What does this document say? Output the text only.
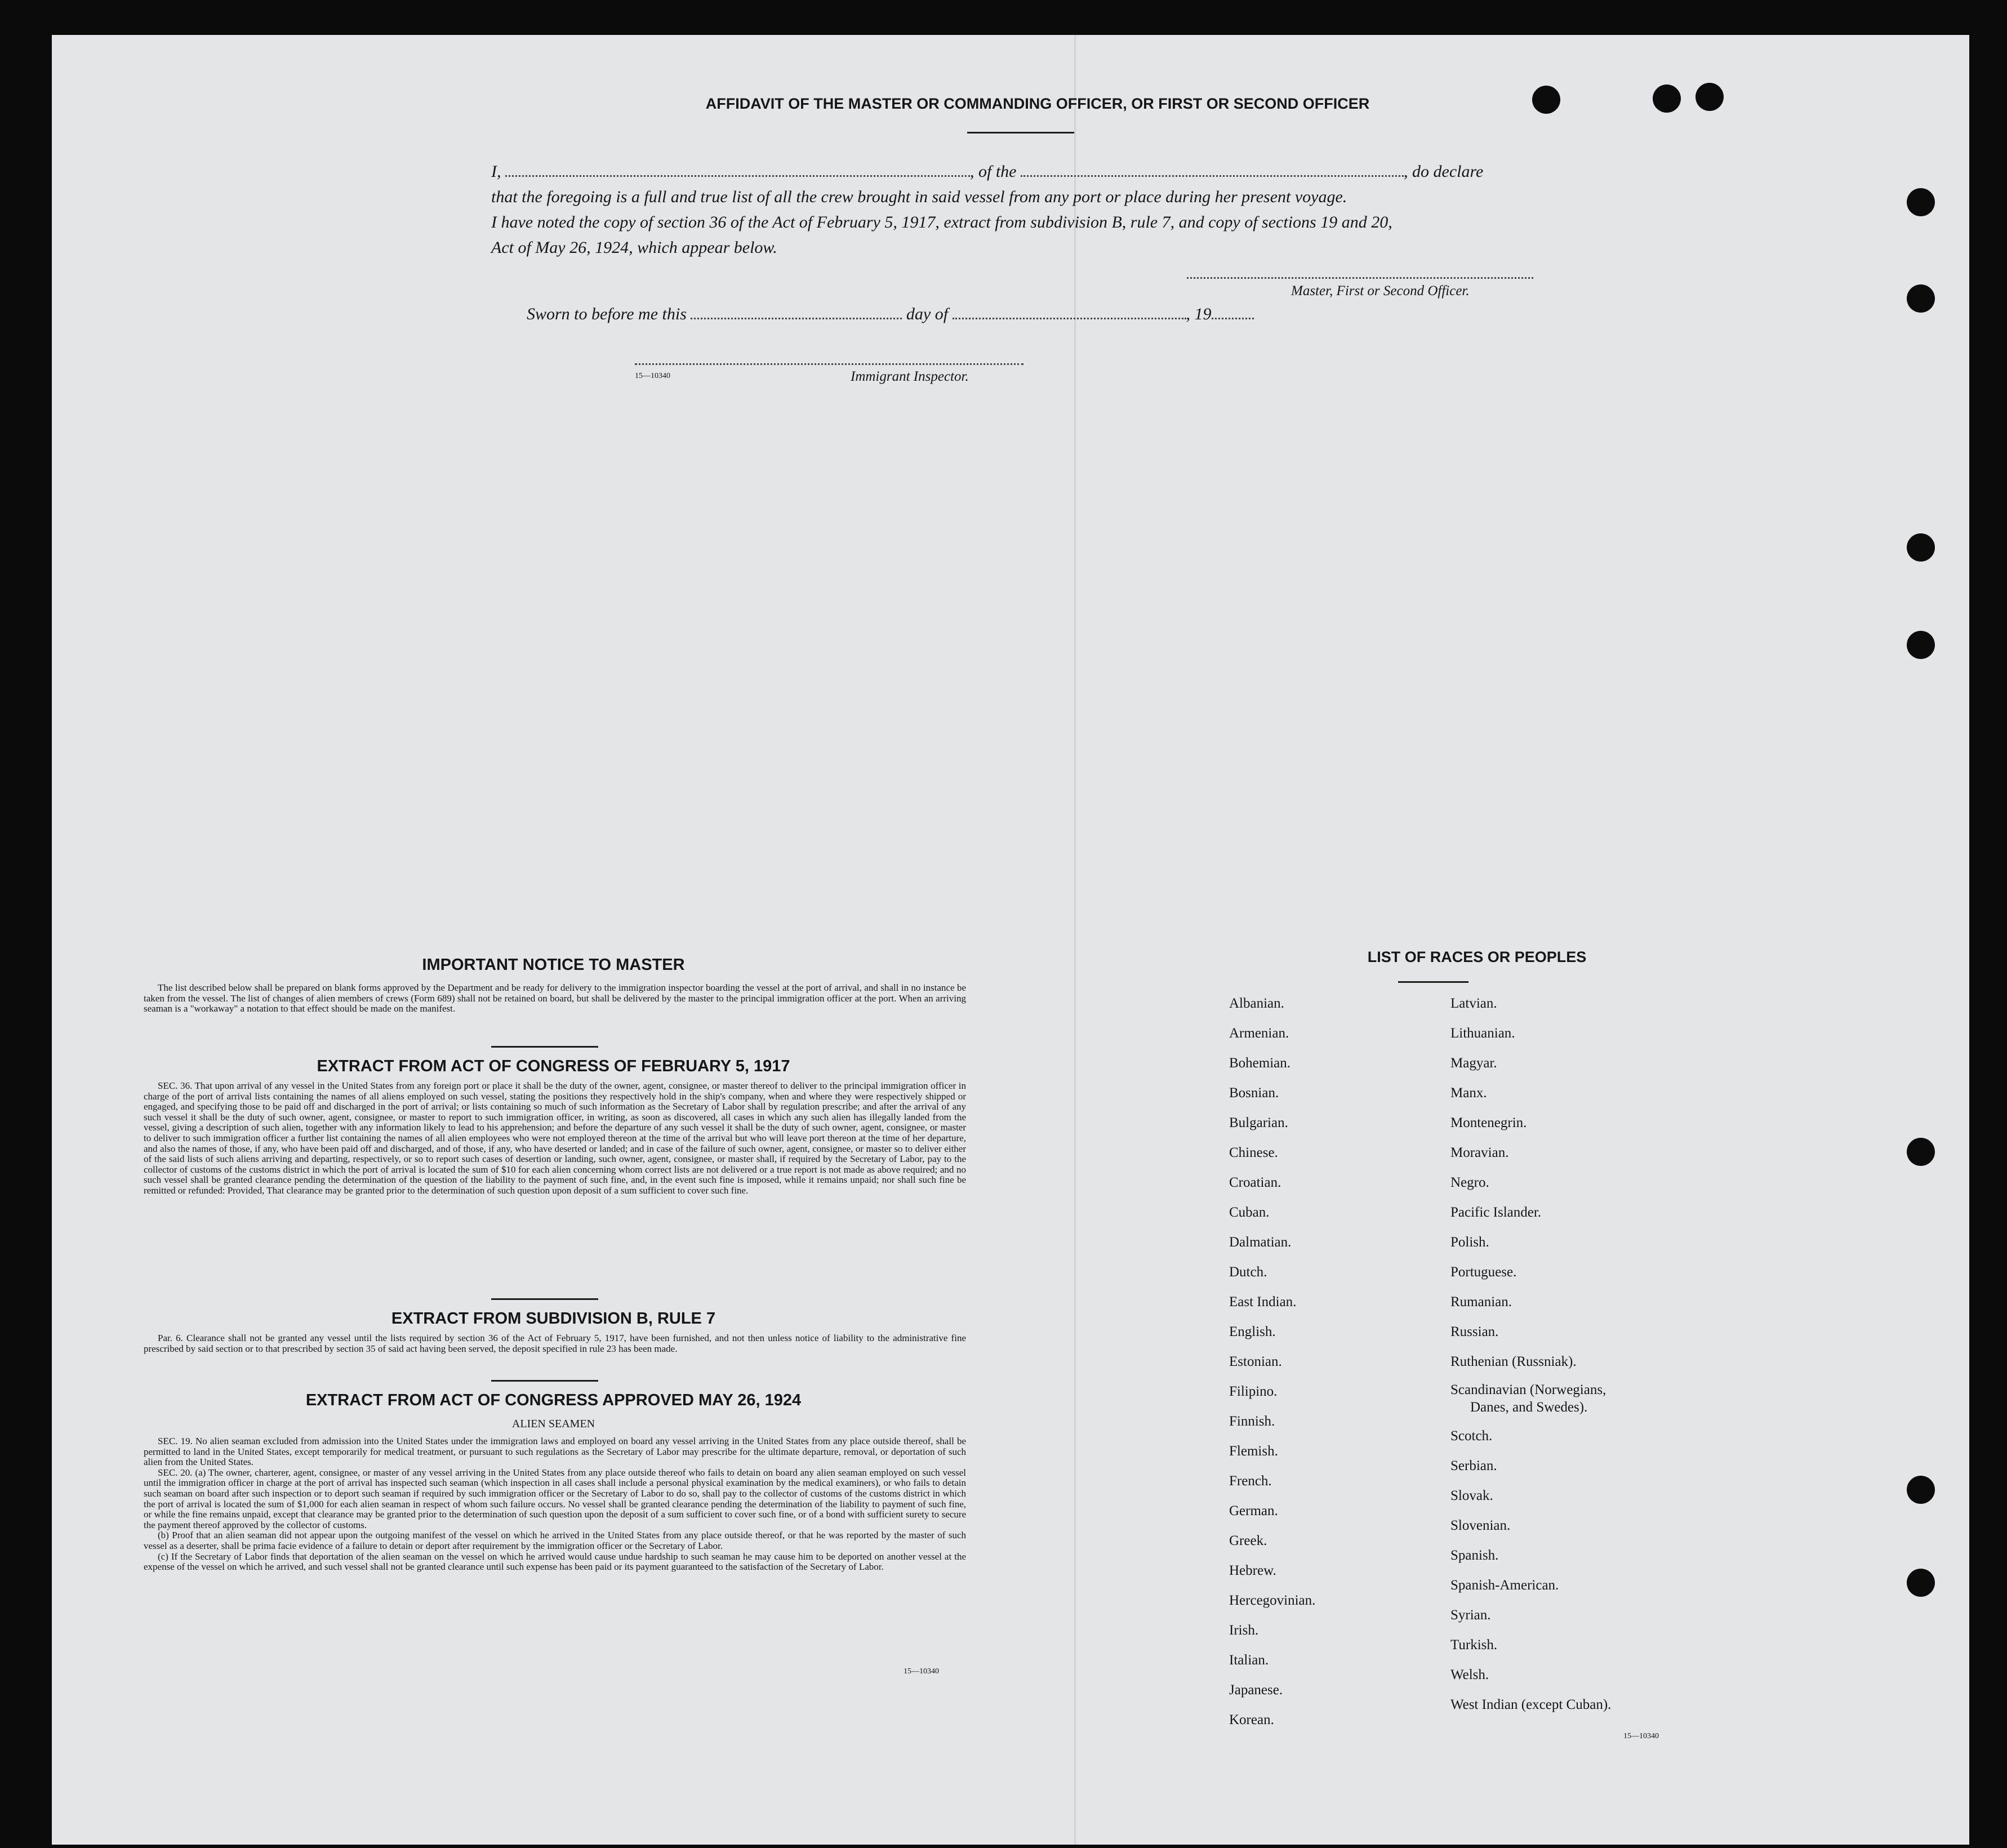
AFFIDAVIT OF THE MASTER OR COMMANDING OFFICER, OR FIRST OR SECOND OFFICER
I,	, of the	, do declare
that the foregoing is a full and true list of all the crew brought in said vessel from any port or place during her present voyage.
I have noted the copy of section 36 of the Act of February 5, 1917, extract from subdivision B, rule 7, and copy of sections 19 and 20,
Act of May 26, 1924, which appear below.
Master, First or Second Officer.
Sworn to before me this	day of	, 19
15—10340	Immigrant Inspector.
IMPORTANT NOTICE TO MASTER
The list described below shall be prepared on blank forms approved by the Department and be ready for delivery to the immigration inspector boarding the vessel at the port of arrival, and shall in no instance be taken from the vessel. The list of changes of alien members of crews (Form 689) shall not be retained on board, but shall be delivered by the master to the principal immigration officer at the port. When an arriving seaman is a "workaway" a notation to that effect should be made on the manifest.
EXTRACT FROM ACT OF CONGRESS OF FEBRUARY 5, 1917
SEC. 36. That upon arrival of any vessel in the United States from any foreign port or place it shall be the duty of the owner, agent, consignee, or master thereof to deliver to the principal immigration officer in charge of the port of arrival lists containing the names of all aliens employed on such vessel, stating the positions they respectively hold in the ship's company, when and where they were respectively shipped or engaged, and specifying those to be paid off and discharged in the port of arrival; or lists containing so much of such information as the Secretary of Labor shall by regulation prescribe; and after the arrival of any such vessel it shall be the duty of such owner, agent, consignee, or master to report to such immigration officer, in writing, as soon as discovered, all cases in which any such alien has illegally landed from the vessel, giving a description of such alien, together with any information likely to lead to his apprehension; and before the departure of any such vessel it shall be the duty of such owner, agent, consignee, or master to deliver to such immigration officer a further list containing the names of all alien employees who were not employed thereon at the time of the arrival but who will leave port thereon at the time of her departure, and also the names of those, if any, who have been paid off and discharged, and of those, if any, who have deserted or landed; and in case of the failure of such owner, agent, consignee, or master so to deliver either of the said lists of such aliens arriving and departing, respectively, or so to report such cases of desertion or landing, such owner, agent, consignee, or master shall, if required by the Secretary of Labor, pay to the collector of customs of the customs district in which the port of arrival is located the sum of $10 for each alien concerning whom correct lists are not delivered or a true report is not made as above required; and no such vessel shall be granted clearance pending the determination of the question of the liability to the payment of such fine, and, in the event such fine is imposed, while it remains unpaid; nor shall such fine be remitted or refunded: Provided, That clearance may be granted prior to the determination of such question upon deposit of a sum sufficient to cover such fine.
EXTRACT FROM SUBDIVISION B, RULE 7
Par. 6. Clearance shall not be granted any vessel until the lists required by section 36 of the Act of February 5, 1917, have been furnished, and not then unless notice of liability to the administrative fine prescribed by said section or to that prescribed by section 35 of said act having been served, the deposit specified in rule 23 has been made.
EXTRACT FROM ACT OF CONGRESS APPROVED MAY 26, 1924
ALIEN SEAMEN
SEC. 19. No alien seaman excluded from admission into the United States under the immigration laws and employed on board any vessel arriving in the United States from any place outside thereof, shall be permitted to land in the United States, except temporarily for medical treatment, or pursuant to such regulations as the Secretary of Labor may prescribe for the ultimate departure, removal, or deportation of such alien from the United States.
SEC. 20. (a) The owner, charterer, agent, consignee, or master of any vessel arriving in the United States from any place outside thereof who fails to detain on board any alien seaman employed on such vessel until the immigration officer in charge at the port of arrival has inspected such seaman (which inspection in all cases shall include a personal physical examination by the medical examiners), or who fails to detain such seaman on board after such inspection or to deport such seaman if required by such immigration officer or the Secretary of Labor to do so, shall pay to the collector of customs of the customs district in which the port of arrival is located the sum of $1,000 for each alien seaman in respect of whom such failure occurs. No vessel shall be granted clearance pending the determination of the liability to payment of such fine, or while the fine remains unpaid, except that clearance may be granted prior to the determination of such question upon the deposit of a sum sufficient to cover such fine, or of a bond with sufficient surety to secure the payment thereof approved by the collector of customs.
(b) Proof that an alien seaman did not appear upon the outgoing manifest of the vessel on which he arrived in the United States from any place outside thereof, or that he was reported by the master of such vessel as a deserter, shall be prima facie evidence of a failure to detain or deport after requirement by the immigration officer or the Secretary of Labor.
(c) If the Secretary of Labor finds that deportation of the alien seaman on the vessel on which he arrived would cause undue hardship to such seaman he may cause him to be deported on another vessel at the expense of the vessel on which he arrived, and such vessel shall not be granted clearance until such expense has been paid or its payment guaranteed to the satisfaction of the Secretary of Labor.
15—10340
LIST OF RACES OR PEOPLES
Albanian.
Armenian.
Bohemian.
Bosnian.
Bulgarian.
Chinese.
Croatian.
Cuban.
Dalmatian.
Dutch.
East Indian.
English.
Estonian.
Filipino.
Finnish.
Flemish.
French.
German.
Greek.
Hebrew.
Hercegovinian.
Irish.
Italian.
Japanese.
Korean.
Latvian.
Lithuanian.
Magyar.
Manx.
Montenegrin.
Moravian.
Negro.
Pacific Islander.
Polish.
Portuguese.
Rumanian.
Russian.
Ruthenian (Russniak).
Scandinavian (Norwegians,
Danes, and Swedes).
Scotch.
Serbian.
Slovak.
Slovenian.
Spanish.
Spanish-American.
Syrian.
Turkish.
Welsh.
West Indian (except Cuban).
15—10340
